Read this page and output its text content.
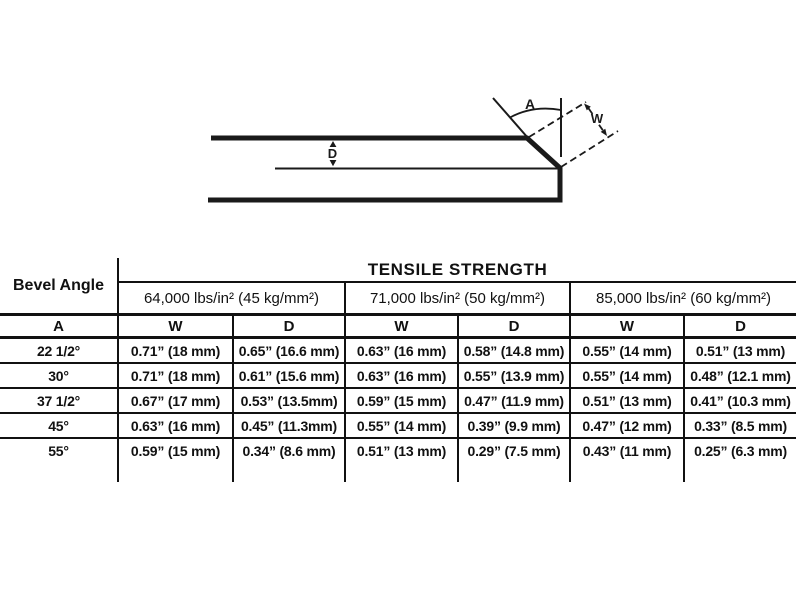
D
A
W
Bevel Angle	TENSILE STRENGTH					
	64,000 lbs/in² (45 kg/mm²)		71,000 lbs/in² (50 kg/mm²)		85,000 lbs/in² (60 kg/mm²)	
A	W	D	W	D	W	D
22 1/2°	0.71” (18 mm)	0.65” (16.6 mm)	0.63” (16 mm)	0.58” (14.8 mm)	0.55” (14 mm)	0.51” (13 mm)
30°	0.71” (18 mm)	0.61” (15.6 mm)	0.63” (16 mm)	0.55” (13.9 mm)	0.55” (14 mm)	0.48” (12.1 mm)
37 1/2°	0.67” (17 mm)	0.53” (13.5mm)	0.59” (15 mm)	0.47” (11.9 mm)	0.51” (13 mm)	0.41” (10.3 mm)
45°	0.63” (16 mm)	0.45” (11.3mm)	0.55” (14 mm)	0.39” (9.9 mm)	0.47” (12 mm)	0.33” (8.5 mm)
55°	0.59” (15 mm)	0.34” (8.6 mm)	0.51” (13 mm)	0.29” (7.5 mm)	0.43” (11 mm)	0.25” (6.3 mm)
